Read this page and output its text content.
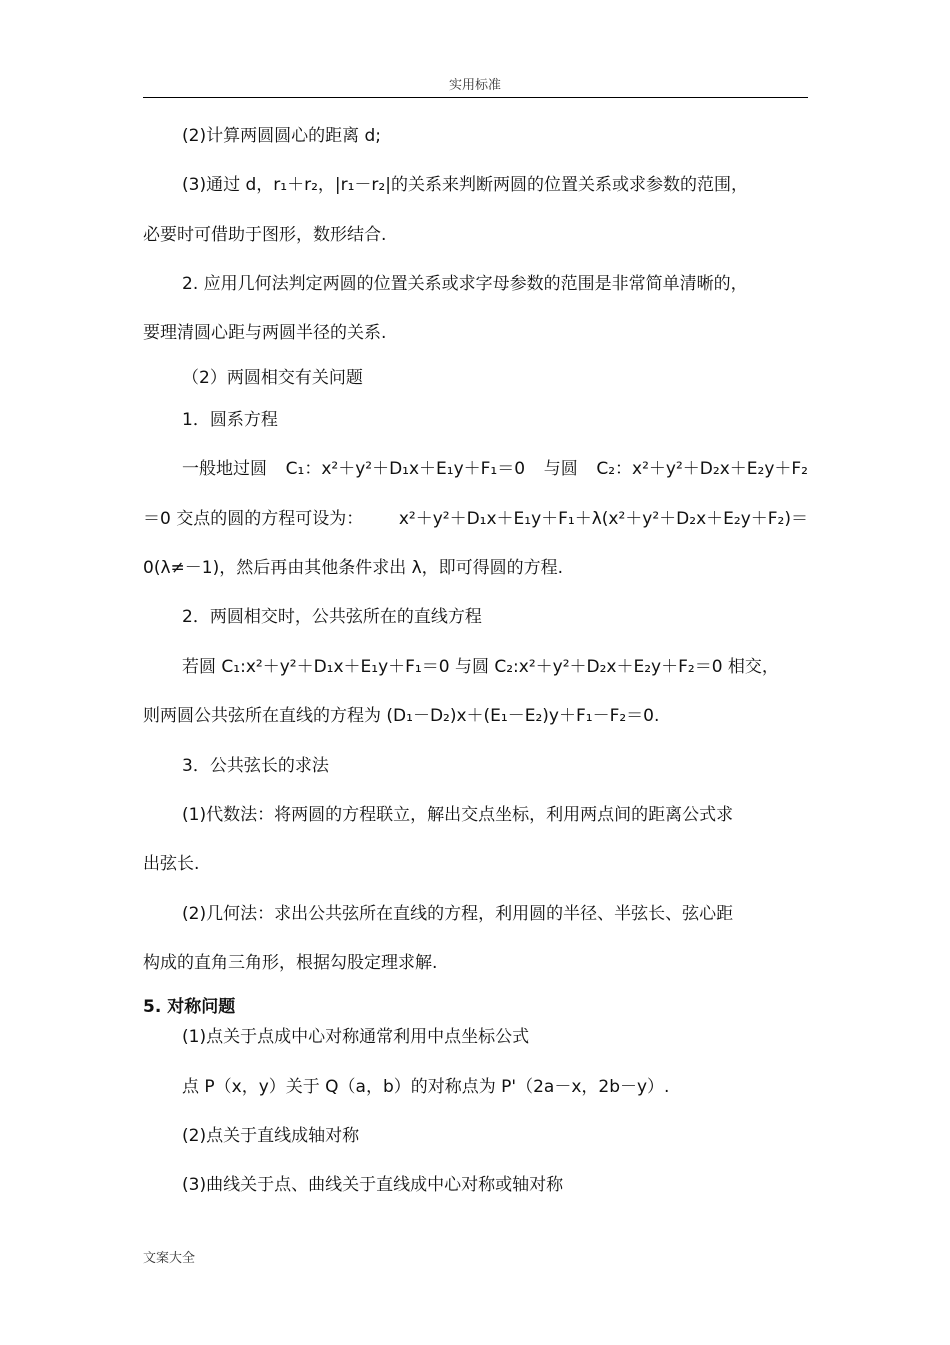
实用标准
(2)计算两圆圆心的距离 d;
(3)通过 d，r₁＋r₂，|r₁－r₂|的关系来判断两圆的位置关系或求参数的范围，
必要时可借助于图形，数形结合.
2. 应用几何法判定两圆的位置关系或求字母参数的范围是非常简单清晰的，
要理清圆心距与两圆半径的关系.
（2）两圆相交有关问题
1．圆系方程
一般地过圆 C₁：x²＋y²＋D₁x＋E₁y＋F₁＝0 与圆 C₂：x²＋y²＋D₂x＋E₂y＋F₂
＝0 交点的圆的方程可设为： x²＋y²＋D₁x＋E₁y＋F₁＋λ(x²＋y²＋D₂x＋E₂y＋F₂)＝
0(λ≠－1)，然后再由其他条件求出 λ，即可得圆的方程.
2．两圆相交时，公共弦所在的直线方程
若圆 C₁:x²＋y²＋D₁x＋E₁y＋F₁＝0 与圆 C₂:x²＋y²＋D₂x＋E₂y＋F₂＝0 相交，
则两圆公共弦所在直线的方程为 (D₁－D₂)x＋(E₁－E₂)y＋F₁－F₂＝0.
3．公共弦长的求法
(1)代数法：将两圆的方程联立，解出交点坐标，利用两点间的距离公式求
出弦长.
(2)几何法：求出公共弦所在直线的方程，利用圆的半径、半弦长、弦心距
构成的直角三角形，根据勾股定理求解.
5. 对称问题
(1)点关于点成中心对称通常利用中点坐标公式
点 P（x，y）关于 Q（a，b）的对称点为 P'（2a－x，2b－y）.
(2)点关于直线成轴对称
(3)曲线关于点、曲线关于直线成中心对称或轴对称
文案大全
